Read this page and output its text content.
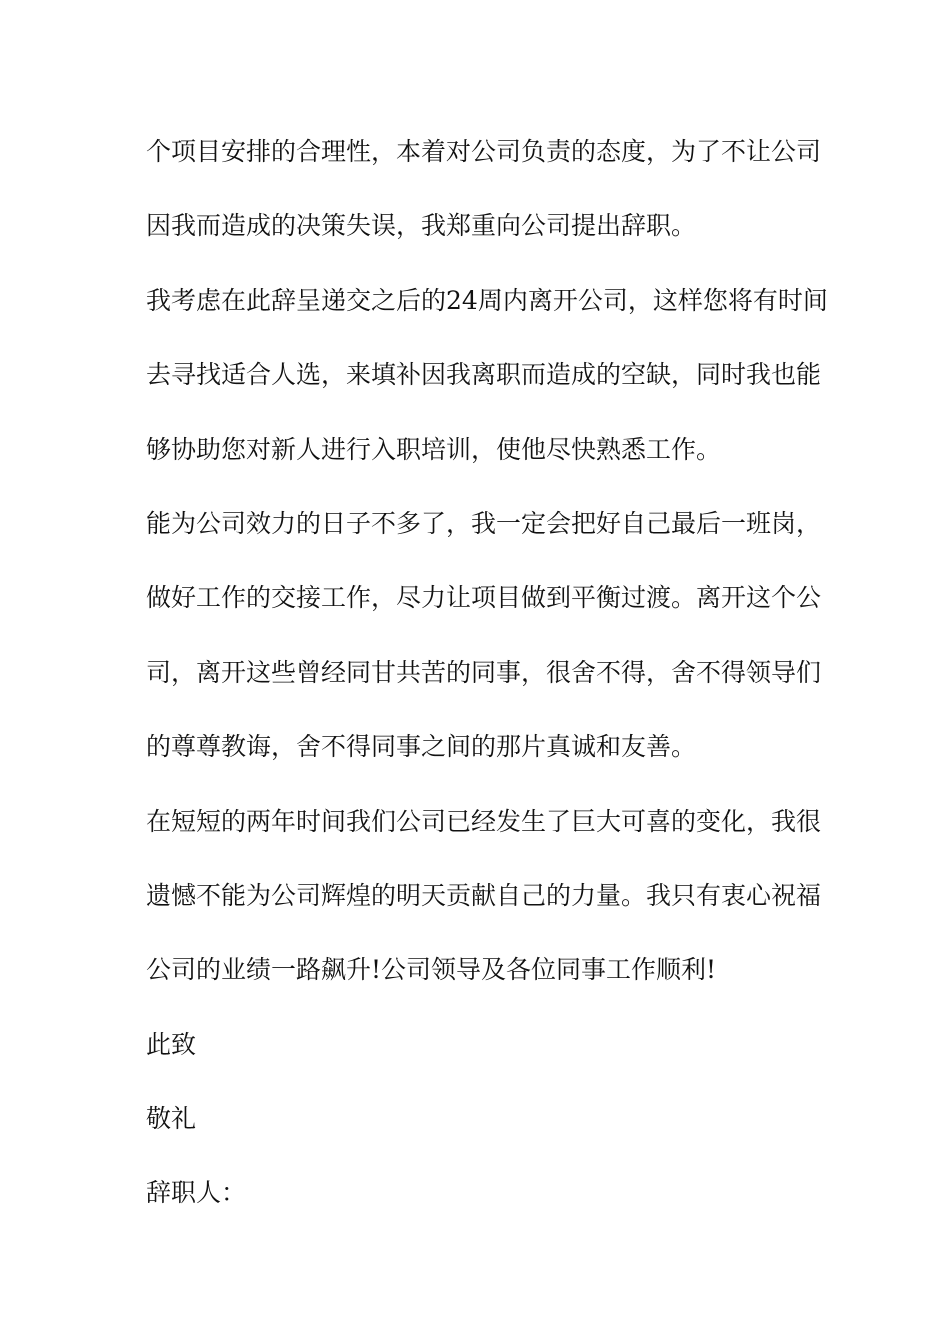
个项目安排的合理性，本着对公司负责的态度，为了不让公司
因我而造成的决策失误，我郑重向公司提出辞职。
我考虑在此辞呈递交之后的24周内离开公司，这样您将有时间
去寻找适合人选，来填补因我离职而造成的空缺，同时我也能
够协助您对新人进行入职培训，使他尽快熟悉工作。
能为公司效力的日子不多了，我一定会把好自己最后一班岗，
做好工作的交接工作，尽力让项目做到平衡过渡。离开这个公
司，离开这些曾经同甘共苦的同事，很舍不得，舍不得领导们
的尊尊教诲，舍不得同事之间的那片真诚和友善。
在短短的两年时间我们公司已经发生了巨大可喜的变化，我很
遗憾不能为公司辉煌的明天贡献自己的力量。我只有衷心祝福
公司的业绩一路飙升!公司领导及各位同事工作顺利!
此致
敬礼
辞职人：
